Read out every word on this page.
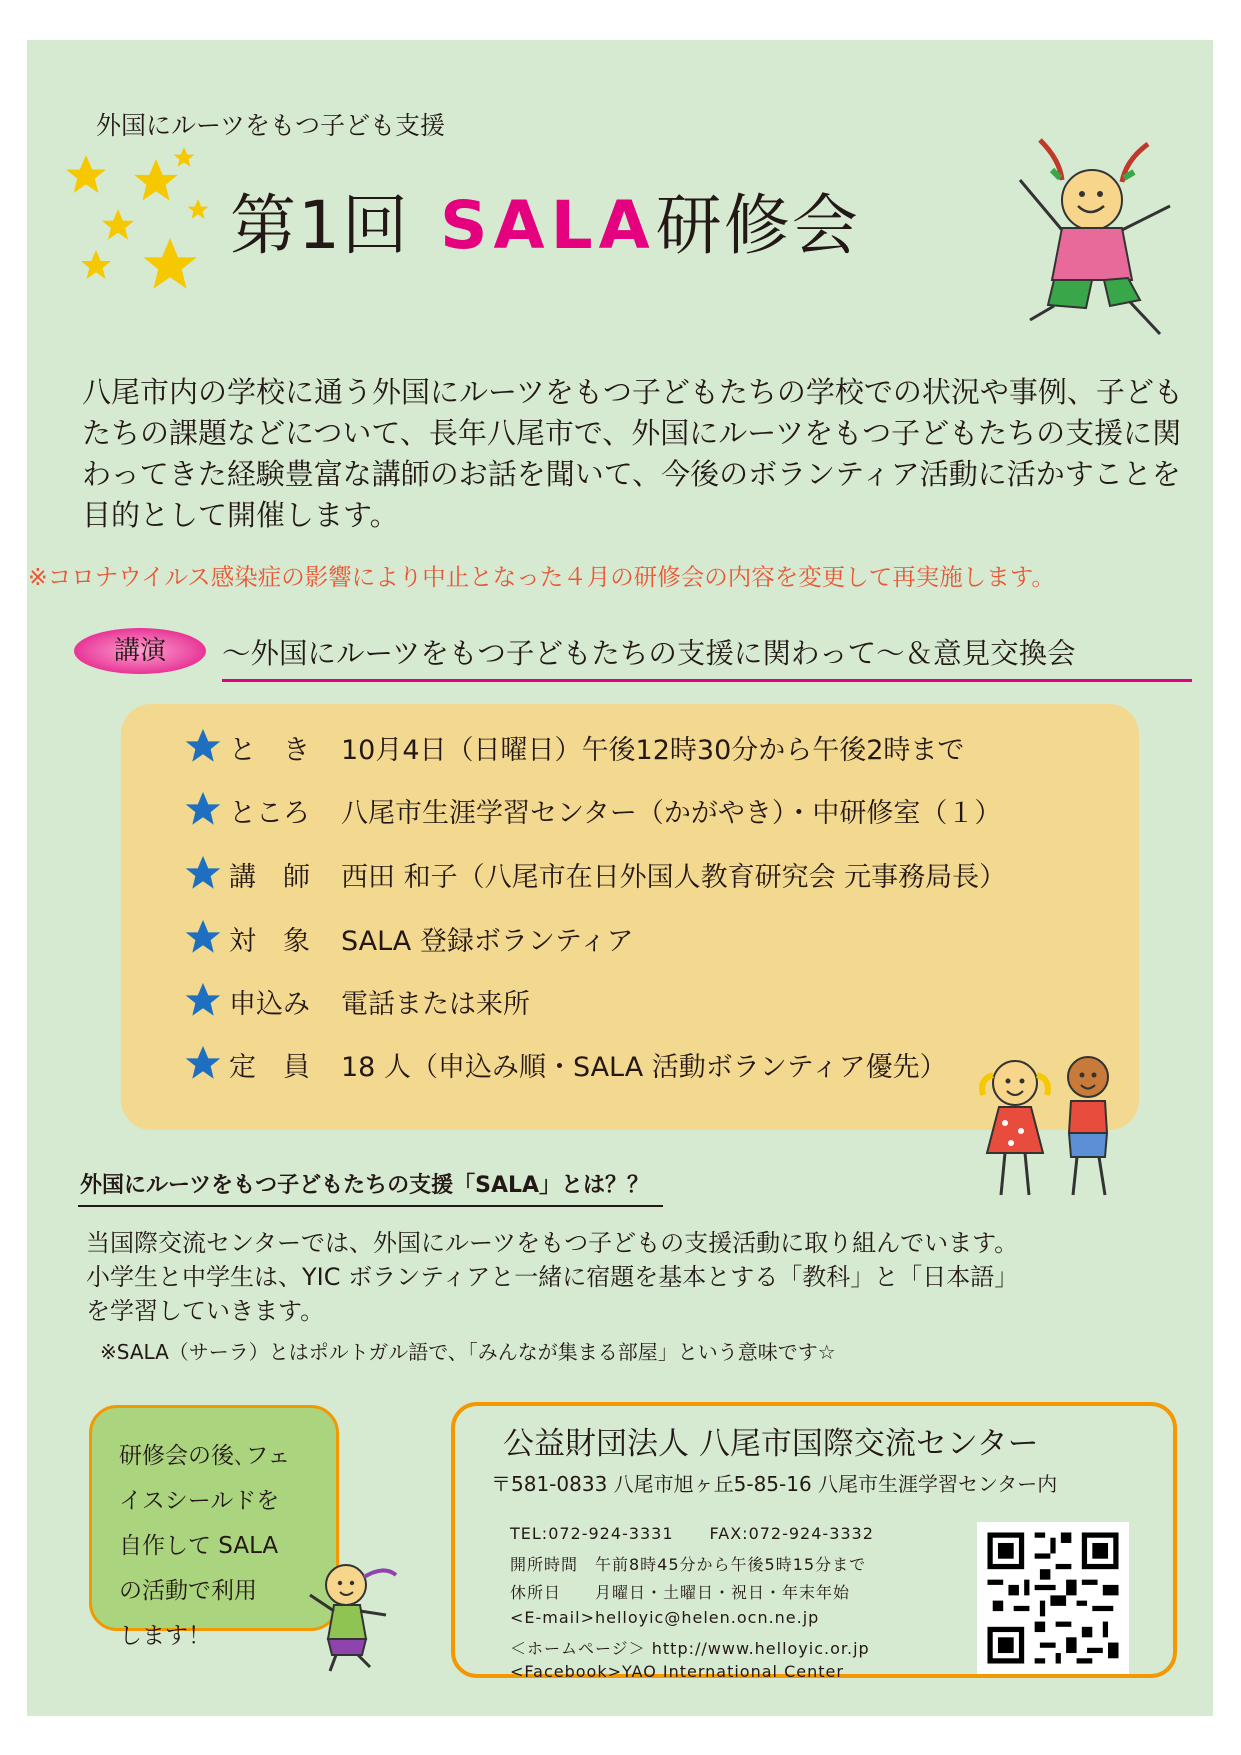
外国にルーツをもつ子ども支援
第1回 SALA研修会
八尾市内の学校に通う外国にルーツをもつ子どもたちの学校での状況や事例、子どもたちの課題などについて、長年八尾市で、外国にルーツをもつ子どもたちの支援に関わってきた経験豊富な講師のお話を聞いて、今後のボランティア活動に活かすことを目的として開催します。
※コロナウイルス感染症の影響により中止となった４月の研修会の内容を変更して再実施します。
講演	～外国にルーツをもつ子どもたちの支援に関わって～＆意見交換会
と　き	10月4日（日曜日）午後12時30分から午後2時まで
ところ	八尾市生涯学習センター（かがやき）・中研修室（１）
講　師	西田 和子（八尾市在日外国人教育研究会 元事務局長）
対　象	SALA 登録ボランティア
申込み	電話または来所
定　員	18 人（申込み順・SALA 活動ボランティア優先）
外国にルーツをもつ子どもたちの支援「SALA」とは？？
当国際交流センターでは、外国にルーツをもつ子どもの支援活動に取り組んでいます。
小学生と中学生は、YIC ボランティアと一緒に宿題を基本とする「教科」と「日本語」
を学習していきます。
※SALA（サーラ）とはポルトガル語で、「みんなが集まる部屋」という意味です☆
研修会の後､フェ
イスシールドを
自作して SALA
の活動で利用
します！
公益財団法人 八尾市国際交流センター
〒581-0833 八尾市旭ヶ丘5-85-16 八尾市生涯学習センター内
TEL:072-924-3331 FAX:072-924-3332
開所時間　午前8時45分から午後5時15分まで
休所日　　月曜日・土曜日・祝日・年末年始
<E-mail>helloyic@helen.ocn.ne.jp
＜ホームページ＞ http://www.helloyic.or.jp
<Facebook>YAO International Center
